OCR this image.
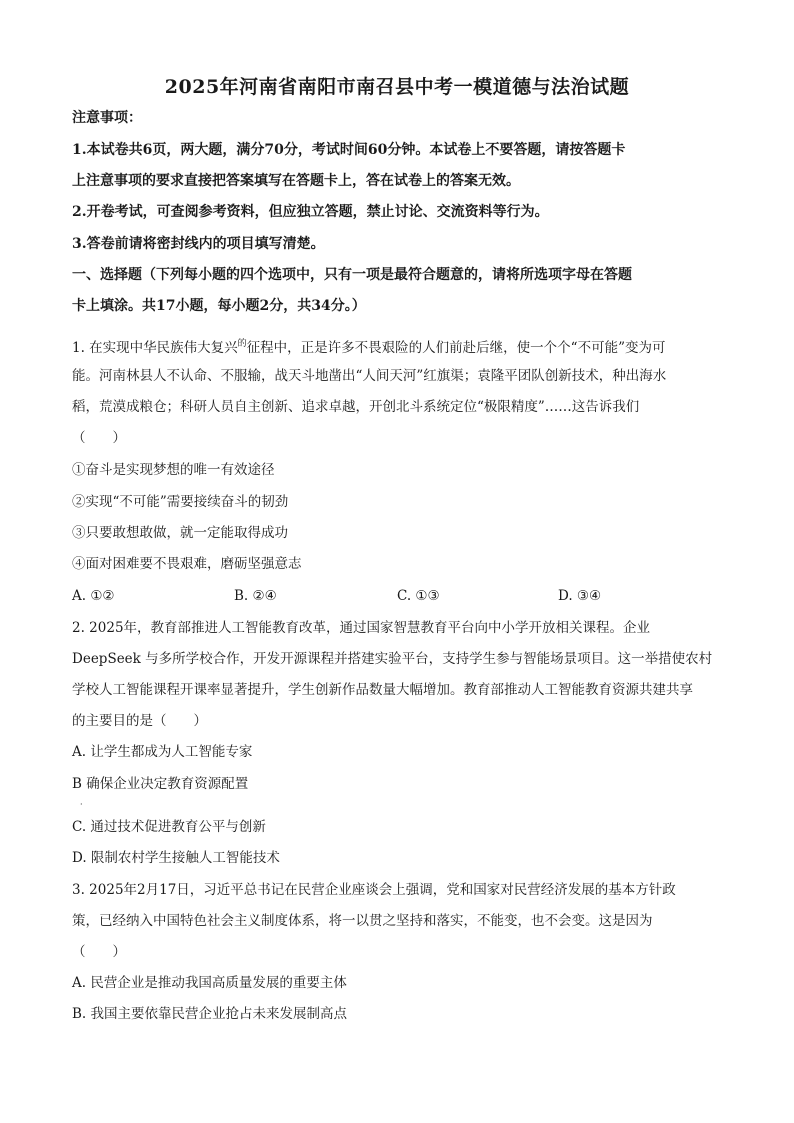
2025年河南省南阳市南召县中考一模道德与法治试题
注意事项：
1.本试卷共6页，两大题，满分70分，考试时间60分钟。本试卷上不要答题，请按答题卡
上注意事项的要求直接把答案填写在答题卡上，答在试卷上的答案无效。
2.开卷考试，可查阅参考资料，但应独立答题，禁止讨论、交流资料等行为。
3.答卷前请将密封线内的项目填写清楚。
一、选择题（下列每小题的四个选项中，只有一项是最符合题意的，请将所选项字母在答题
卡上填涂。共17小题，每小题2分，共34分。）
1. 在实现中华民族伟大复兴$^的$征程中，正是许多不畏艰险的人们前赴后继，使一个个“不可能”变为可
能。河南林县人不认命、不服输，战天斗地凿出“人间天河”红旗渠；袁隆平团队创新技术，种出海水
稻，荒漠成粮仓；科研人员自主创新、追求卓越，开创北斗系统定位“极限精度”……这告诉我们
（　　）
①奋斗是实现梦想的唯一有效途径
②实现“不可能”需要接续奋斗的韧劲
③只要敢想敢做，就一定能取得成功
④面对困难要不畏艰难，磨砺坚强意志
A. ①②	B. ②④	C. ①③	D. ③④
2. 2025年，教育部推进人工智能教育改革，通过国家智慧教育平台向中小学开放相关课程。企业
DeepSeek 与多所学校合作，开发开源课程并搭建实验平台，支持学生参与智能场景项目。这一举措使农村
学校人工智能课程开课率显著提升，学生创新作品数量大幅增加。教育部推动人工智能教育资源共建共享
的主要目的是（　　）
A. 让学生都成为人工智能专家
B 确保企业决定教育资源配置
·
C. 通过技术促进教育公平与创新
D. 限制农村学生接触人工智能技术
3. 2025年2月17日，习近平总书记在民营企业座谈会上强调，党和国家对民营经济发展的基本方针政
策，已经纳入中国特色社会主义制度体系，将一以贯之坚持和落实，不能变，也不会变。这是因为
（　　）
A. 民营企业是推动我国高质量发展的重要主体
B. 我国主要依靠民营企业抢占未来发展制高点
